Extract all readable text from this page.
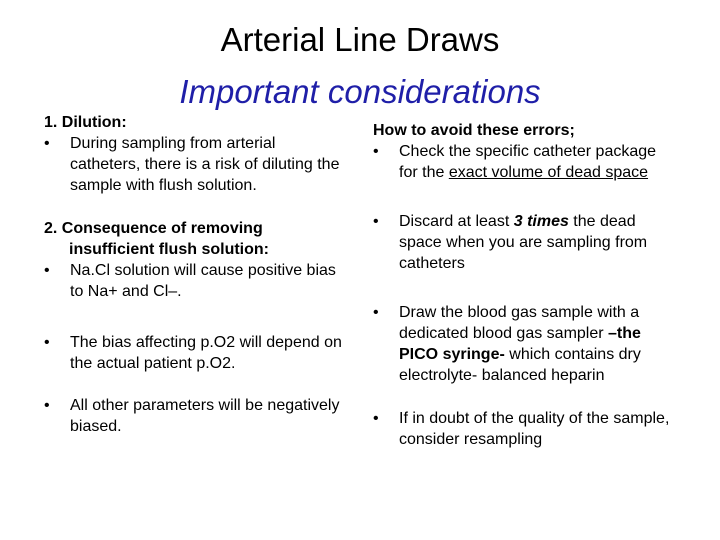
Arterial Line Draws
Important considerations
1. Dilution:
•	During sampling from arterial catheters, there is a risk of diluting the sample with flush solution.
2. Consequence of removing
insufficient flush solution:
•	Na.Cl solution will cause positive bias to Na+ and Cl–.
•	The bias affecting p.O2 will depend on the actual patient p.O2.
•	All other parameters will be negatively biased.
How to avoid these errors;
•	Check the specific catheter package for the exact volume of dead space
•	Discard at least 3 times the dead space when you are sampling from catheters
•	Draw the blood gas sample with a dedicated blood gas sampler –the PICO syringe- which contains dry electrolyte- balanced heparin
•	If in doubt of the quality of the sample, consider resampling
